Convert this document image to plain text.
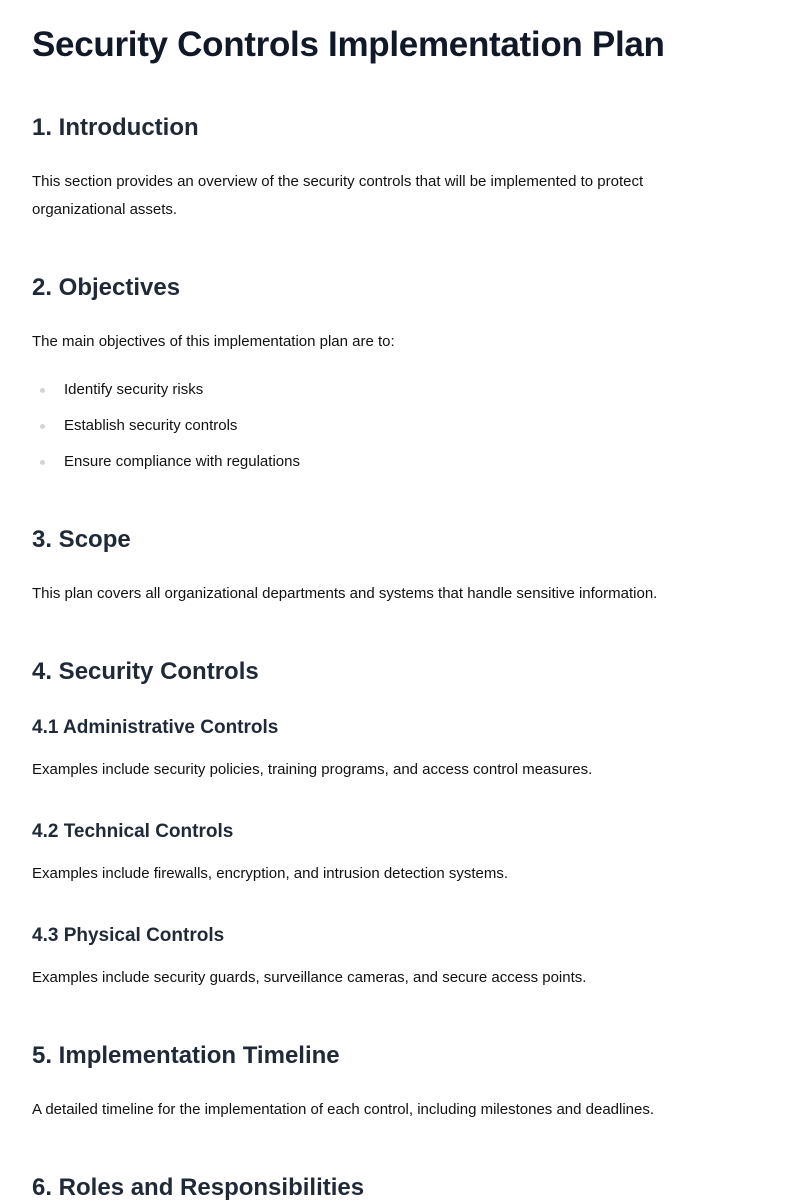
Security Controls Implementation Plan
1. Introduction

This section provides an overview of the security controls that will be implemented to protect organizational assets.

2. Objectives

The main objectives of this implementation plan are to:

Identify security risks
Establish security controls
Ensure compliance with regulations
3. Scope

This plan covers all organizational departments and systems that handle sensitive information.

4. Security Controls
4.1 Administrative Controls

Examples include security policies, training programs, and access control measures.

4.2 Technical Controls

Examples include firewalls, encryption, and intrusion detection systems.

4.3 Physical Controls

Examples include security guards, surveillance cameras, and secure access points.

5. Implementation Timeline

A detailed timeline for the implementation of each control, including milestones and deadlines.

6. Roles and Responsibilities
